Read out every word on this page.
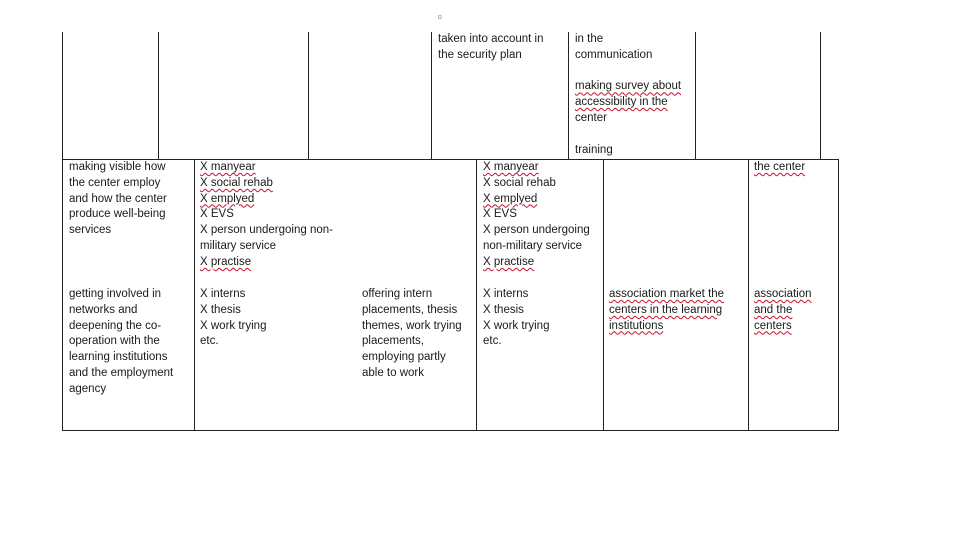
ɒ
taken into account in
the security plan
in the
communication
making survey about
accessibility in the
center
training
making visible how
the center employ
and how the center
produce well-being
services
X manyear
X social rehab
X emplyed
X EVS
X person undergoing non-
military service
X practise
X manyear
X social rehab
X emplyed
X EVS
X person undergoing
non-military service
X practise
the center
getting involved in
networks and
deepening the co-
operation with the
learning institutions
and the employment
agency
X interns
X thesis
X work trying
etc.
offering intern
placements, thesis
themes, work trying
placements,
employing partly
able to work
X interns
X thesis
X work trying
etc.
association market the
centers in the learning
institutions
association
and the
centers
